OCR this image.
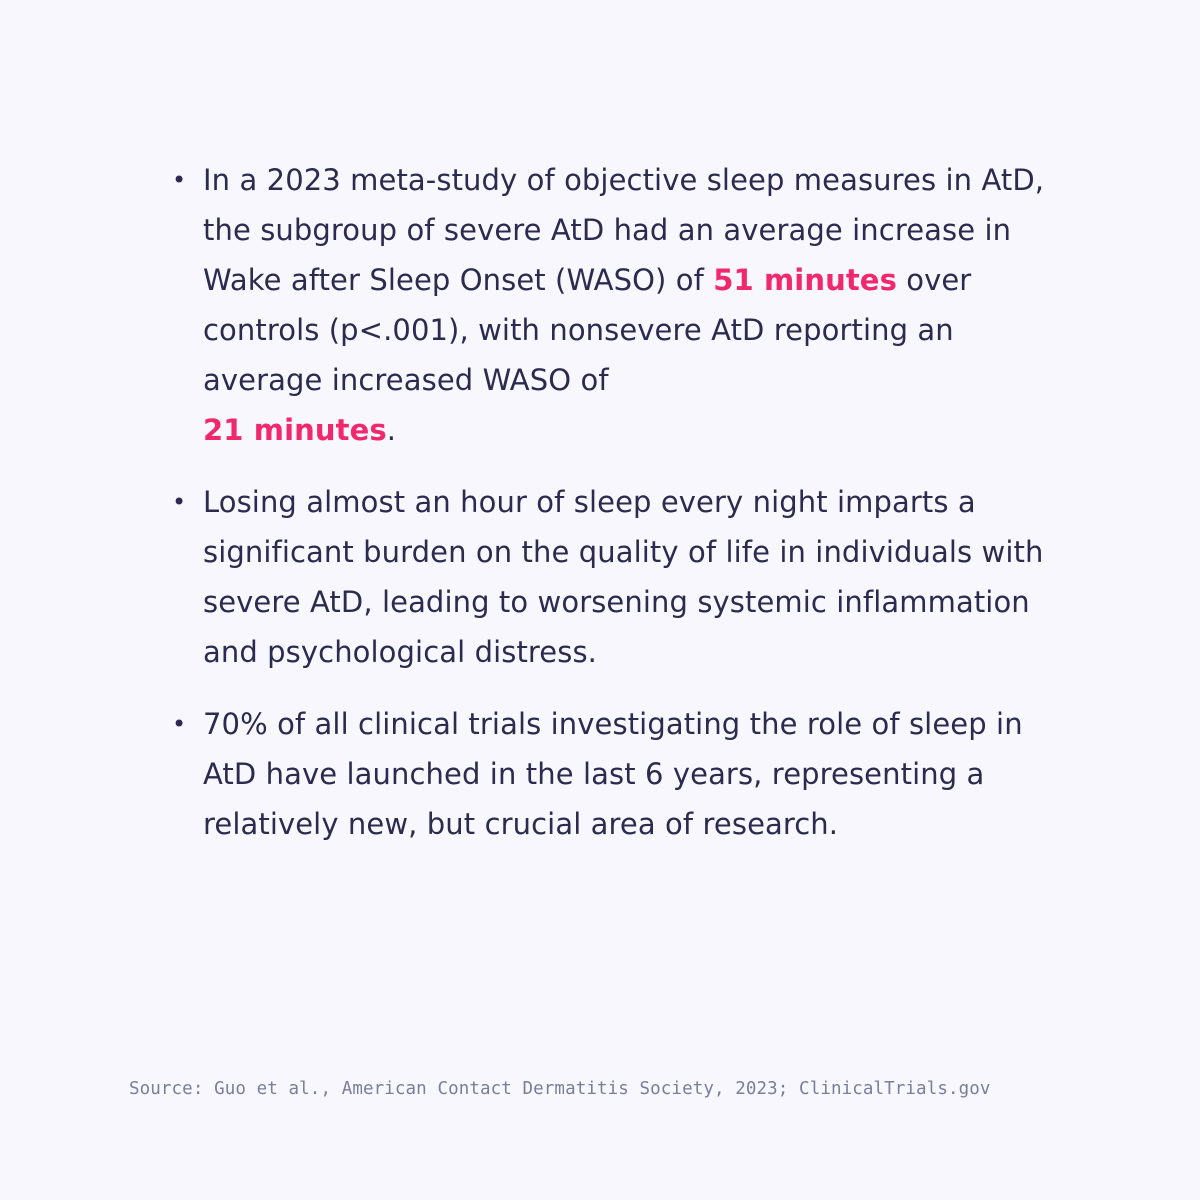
• In a 2023 meta-study of objective sleep measures in AtD, the subgroup of severe AtD had an average increase in Wake after Sleep Onset (WASO) of 51 minutes over controls (p<.001), with nonsevere AtD reporting an average increased WASO of
21 minutes.
• Losing almost an hour of sleep every night imparts a significant burden on the quality of life in individuals with severe AtD, leading to worsening systemic inflammation and psychological distress.
• 70% of all clinical trials investigating the role of sleep in AtD have launched in the last 6 years, representing a relatively new, but crucial area of research.
Source: Guo et al., American Contact Dermatitis Society, 2023; ClinicalTrials.gov
